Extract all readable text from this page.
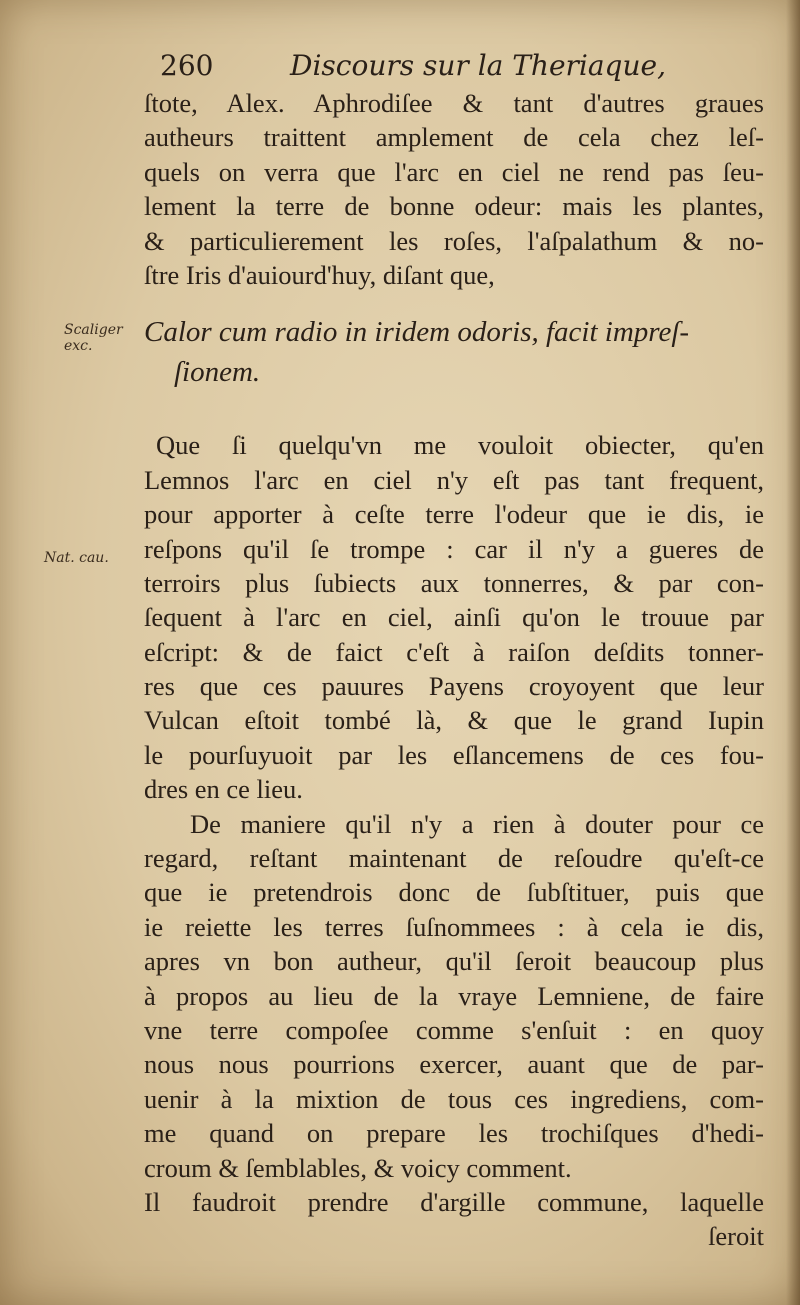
260	Discours sur la Theriaque,
Scaliger
exc.
Nat. cau.
ſtote, Alex. Aphrodiſee & tant d'autres graues
autheurs traittent amplement de cela chez leſ-
quels on verra que l'arc en ciel ne rend pas ſeu-
lement la terre de bonne odeur: mais les plantes,
& particulierement les roſes, l'aſpalathum & no-
ſtre Iris d'auiourd'huy, diſant que,
Calor cum radio in iridem odoris, facit impreſ-
ſionem.
Que ſi quelqu'vn me vouloit obiecter, qu'en
Lemnos l'arc en ciel n'y eſt pas tant frequent,
pour apporter à ceſte terre l'odeur que ie dis, ie
reſpons qu'il ſe trompe : car il n'y a gueres de
terroirs plus ſubiects aux tonnerres, & par con-
ſequent à l'arc en ciel, ainſi qu'on le trouue par
eſcript: & de faict c'eſt à raiſon deſdits tonner-
res que ces pauures Payens croyoyent que leur
Vulcan eſtoit tombé là, & que le grand Iupin
le pourſuyuoit par les eſlancemens de ces fou-
dres en ce lieu.
De maniere qu'il n'y a rien à douter pour ce
regard, reſtant maintenant de reſoudre qu'eſt-ce
que ie pretendrois donc de ſubſtituer, puis que
ie reiette les terres ſuſnommees : à cela ie dis,
apres vn bon autheur, qu'il ſeroit beaucoup plus
à propos au lieu de la vraye Lemniene, de faire
vne terre compoſee comme s'enſuit : en quoy
nous nous pourrions exercer, auant que de par-
uenir à la mixtion de tous ces ingrediens, com-
me quand on prepare les trochiſques d'hedi-
croum & ſemblables, & voicy comment.
Il faudroit prendre d'argille commune, laquelle
ſeroit
